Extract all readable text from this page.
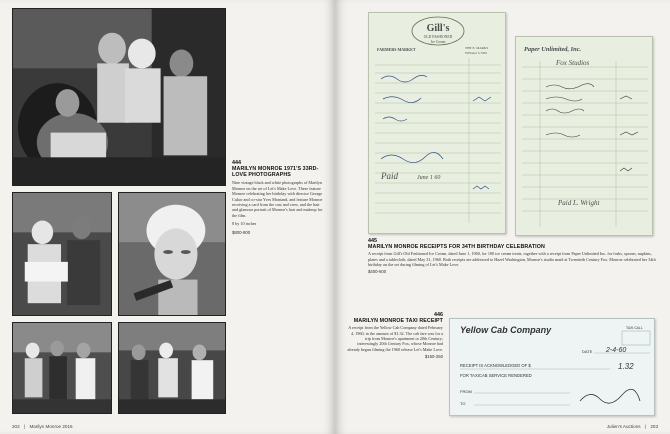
444
MARILYN MONROE 1971'S 33RD-LOVE PHOTOGRAPHS
Nine vintage black and white photographs of Marilyn Monroe on the set of Let's Make Love. These feature Monroe celebrating her birthday with director George Cukor and co-star Yves Montand, and feature Monroe receiving a card from the cast and crew, and the hair and glamour portrait of Monroe's hair and makeup for the film.
8 by 10 inches
$800-900
202 | Marilyn Monroe 2016
Gill's
OLD FASHIONED
Ice Cream
FARMERS MARKET	THE E. MARKS
WEbster 3-7961
Paid	June 1 60
Paper Unlimited, Inc.
Fox Studios
Paid L. Wright
445
MARILYN MONROE RECEIPTS FOR 34TH BIRTHDAY CELEBRATION
A receipt from Gill's Old Fashioned Ice Cream, dated June 1, 1960, for 100 ice cream treats, together with a receipt from Paper Unlimited Inc. for forks, spoons, napkins, plates and a tablecloth, dated May 31, 1960. Both receipts are addressed to Hazel Washington, Monroe's studio maid at Twentieth Century Fox. Monroe celebrated her 34th birthday on the set during filming of Let's Make Love.
$400-600
446
MARILYN MONROE TAXI RECEIPT
A receipt from the Yellow Cab Company dated February 4, 1960, in the amount of $1.32. The cab fare was for a trip from Monroe's apartment to 20th Century; interestingly 20th Century Fox, whose Monroe had already begun filming the 1960 release Let's Make Love.
$150-250
Yellow Cab Company	TAXI CALL
DATE 2-4-60
RECEIPT IS ACKNOWLEDGED OF $	1.32
FOR TAXICAB SERVICE RENDERED
FROM
TO
Julien's Auctions | 203
